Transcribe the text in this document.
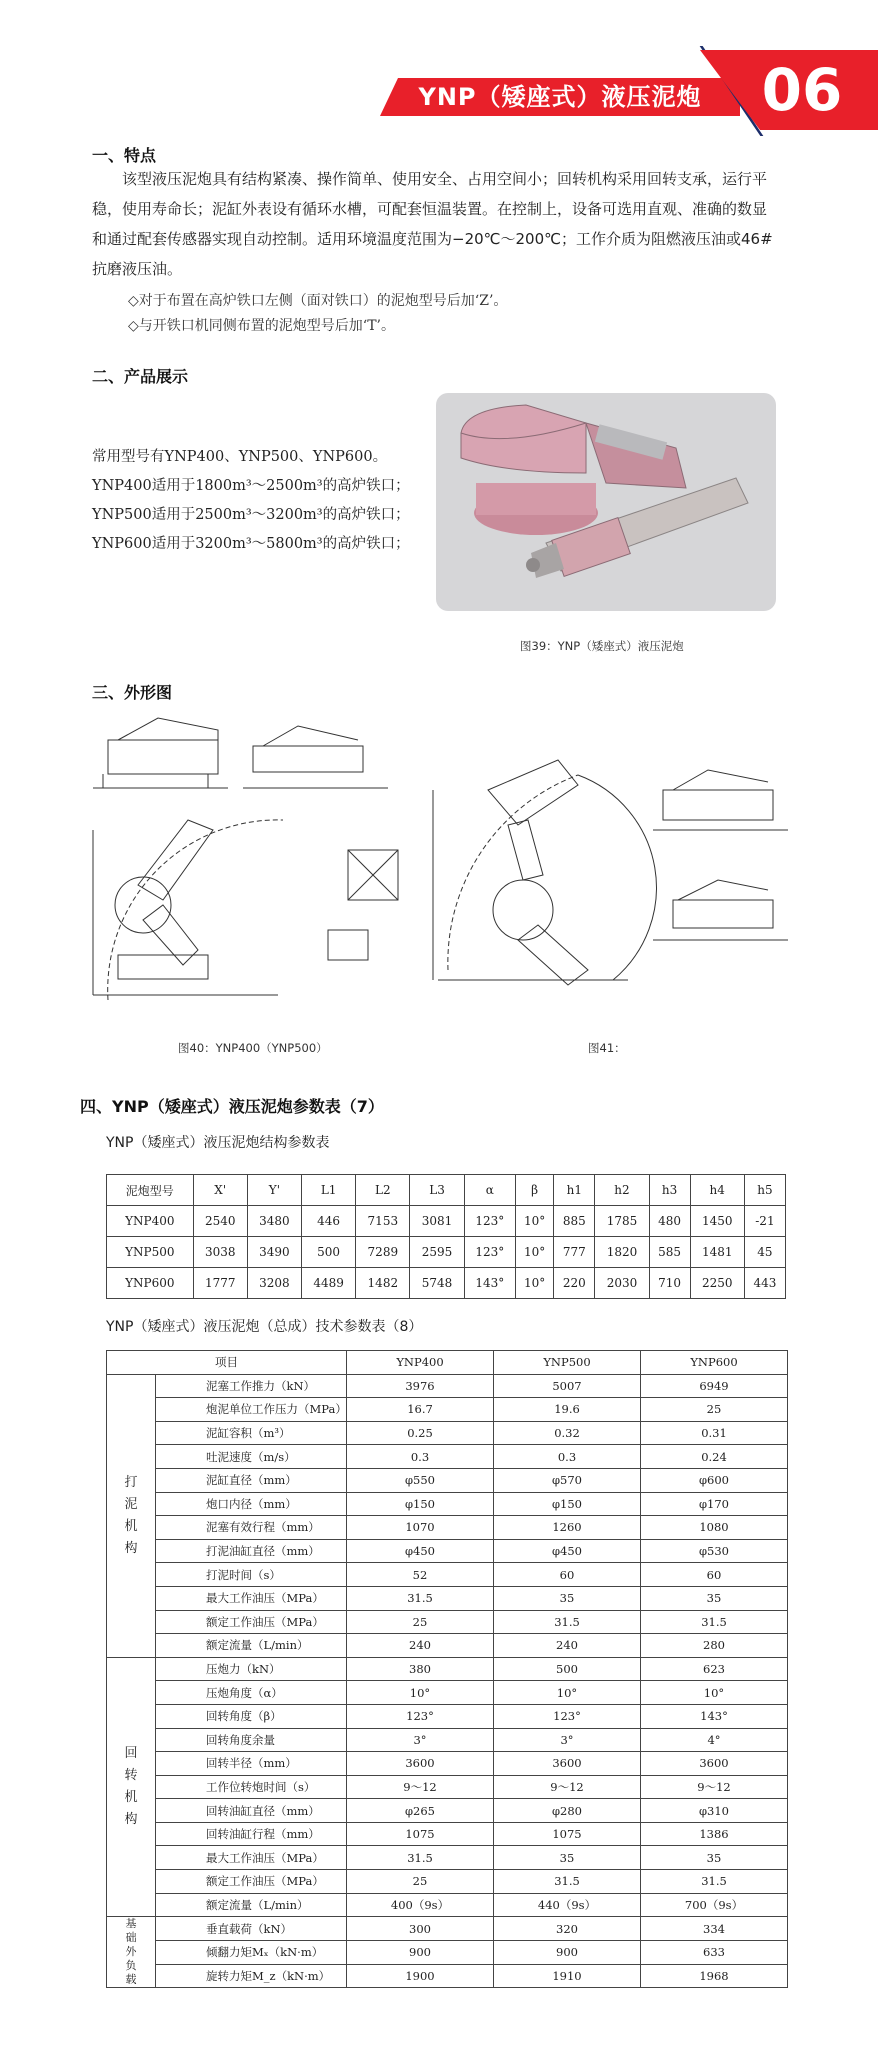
YNP（矮座式）液压泥炮	06
一、特点
该型液压泥炮具有结构紧凑、操作简单、使用安全、占用空间小；回转机构采用回转支承，运行平稳，使用寿命长；泥缸外表设有循环水槽，可配套恒温装置。在控制上，设备可选用直观、准确的数显和通过配套传感器实现自动控制。适用环境温度范围为−20℃～200℃；工作介质为阻燃液压油或46#抗磨液压油。
◇对于布置在高炉铁口左侧（面对铁口）的泥炮型号后加‘Z’。
◇与开铁口机同侧布置的泥炮型号后加‘T’。
二、产品展示
常用型号有YNP400、YNP500、YNP600。
YNP400适用于1800m³～2500m³的高炉铁口；
YNP500适用于2500m³～3200m³的高炉铁口；
YNP600适用于3200m³～5800m³的高炉铁口；
图39：YNP（矮座式）液压泥炮
三、外形图
图40：YNP400（YNP500）	图41：
四、YNP（矮座式）液压泥炮参数表（7）
YNP（矮座式）液压泥炮结构参数表
泥炮型号	X'	Y'	L1	L2	L3	α	β	h1	h2	h3	h4	h5
YNP400	2540	3480	446	7153	3081	123°	10°	885	1785	480	1450	-21
YNP500	3038	3490	500	7289	2595	123°	10°	777	1820	585	1481	45
YNP600	1777	3208	4489	1482	5748	143°	10°	220	2030	710	2250	443
YNP（矮座式）液压泥炮（总成）技术参数表（8）
项目		YNP400	YNP500	YNP600
打泥机构	泥塞工作推力（kN）	3976	5007	6949
	炮泥单位工作压力（MPa）	16.7	19.6	25
	泥缸容积（m³）	0.25	0.32	0.31
	吐泥速度（m/s）	0.3	0.3	0.24
	泥缸直径（mm）	φ550	φ570	φ600
	炮口内径（mm）	φ150	φ150	φ170
	泥塞有效行程（mm）	1070	1260	1080
	打泥油缸直径（mm）	φ450	φ450	φ530
	打泥时间（s）	52	60	60
	最大工作油压（MPa）	31.5	35	35
	额定工作油压（MPa）	25	31.5	31.5
	额定流量（L/min）	240	240	280
回转机构	压炮力（kN）	380	500	623
	压炮角度（α）	10°	10°	10°
	回转角度（β）	123°	123°	143°
	回转角度余量	3°	3°	4°
	回转半径（mm）	3600	3600	3600
	工作位转炮时间（s）	9～12	9～12	9～12
	回转油缸直径（mm）	φ265	φ280	φ310
	回转油缸行程（mm）	1075	1075	1386
	最大工作油压（MPa）	31.5	35	35
	额定工作油压（MPa）	25	31.5	31.5
	额定流量（L/min）	400（9s）	440（9s）	700（9s）
基础外负载	垂直载荷（kN）	300	320	334
	倾翻力矩Mₓ（kN·m）	900	900	633
	旋转力矩M_z（kN·m）	1900	1910	1968
